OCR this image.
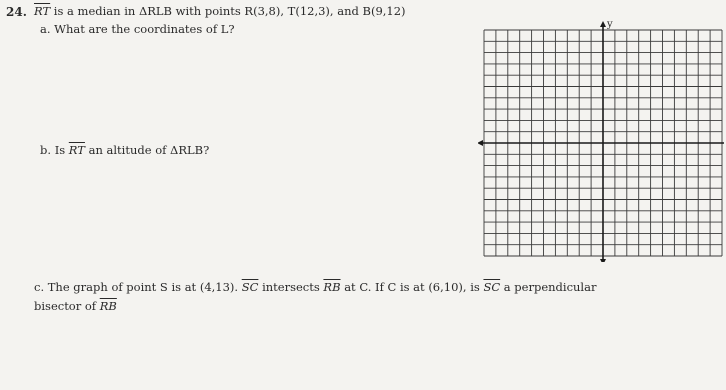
24. $\overline{RT}$ is a median in ΔRLB with points R(3,8), T(12,3), and B(9,12)
a. What are the coordinates of L?
b. Is $\overline{RT}$ an altitude of ΔRLB?
c. The graph of point S is at (4,13). $\overline{SC}$ intersects $\overline{RB}$ at C. If C is at (6,10), is $\overline{SC}$ a perpendicular
bisector of $\overline{RB}$
y
